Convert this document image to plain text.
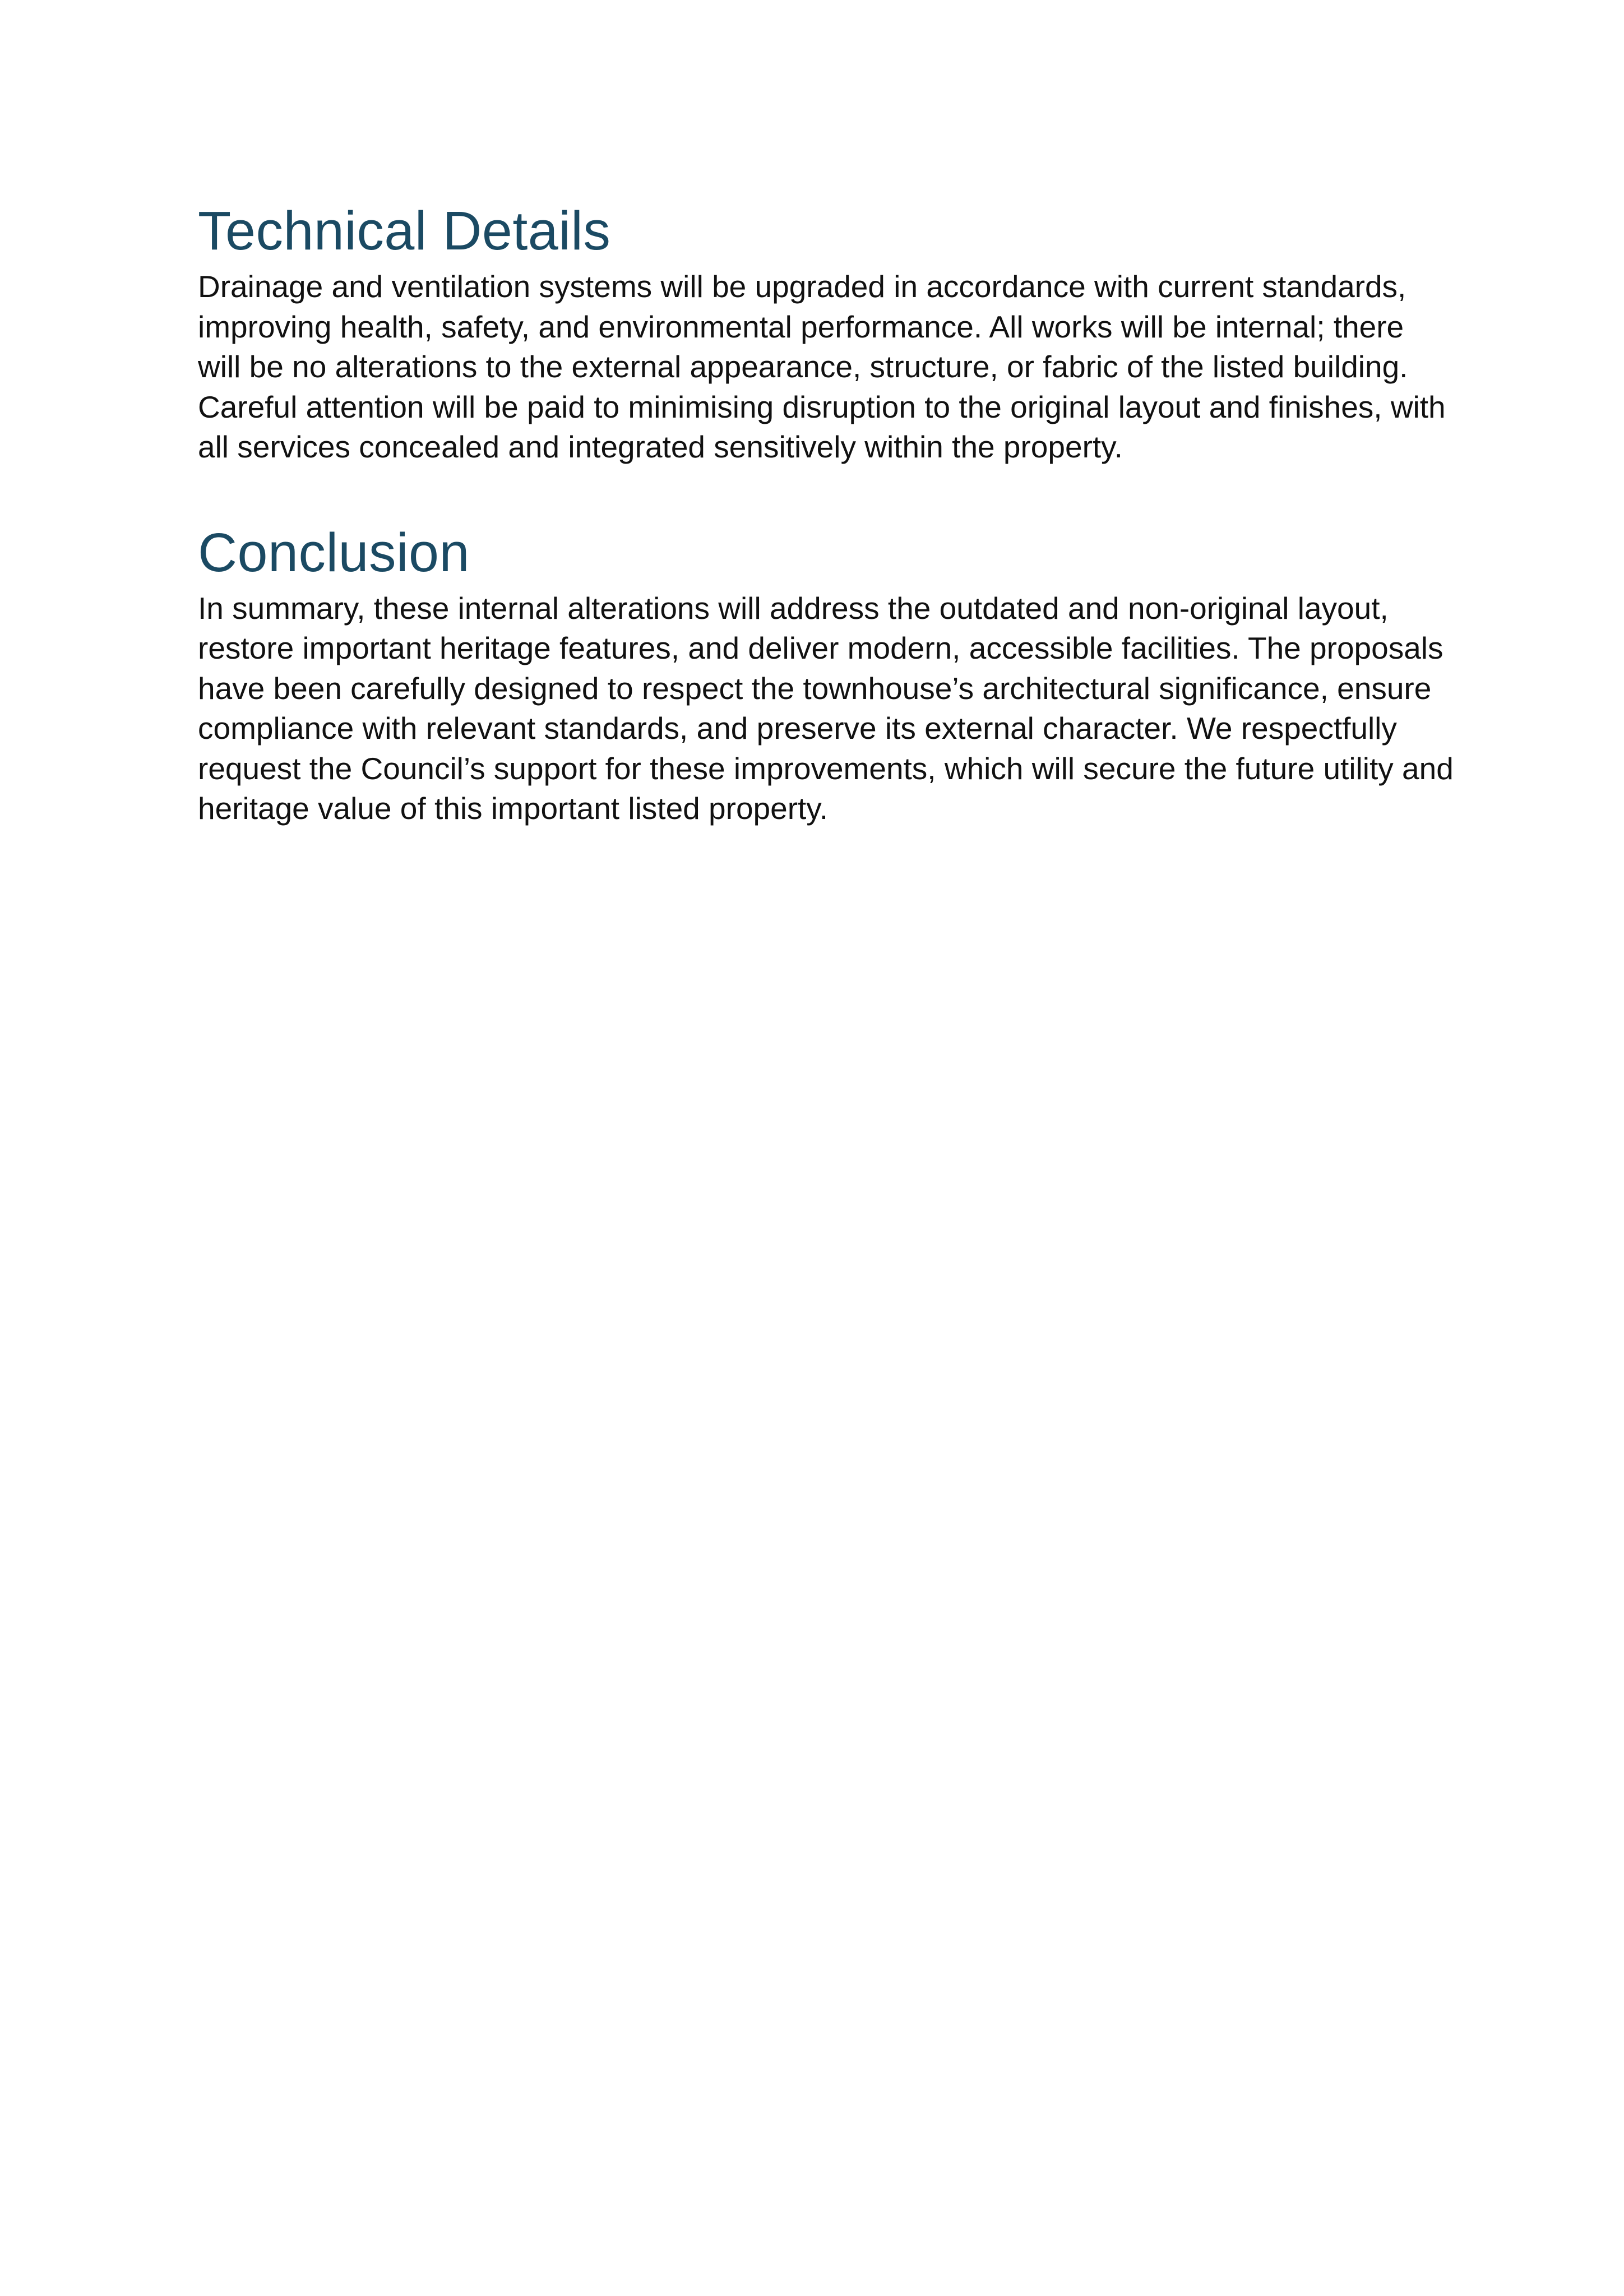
Technical Details

Drainage and ventilation systems will be upgraded in accordance with current standards, improving health, safety, and environmental performance. All works will be internal; there will be no alterations to the external appearance, structure, or fabric of the listed building. Careful attention will be paid to minimising disruption to the original layout and finishes, with all services concealed and integrated sensitively within the property.

Conclusion

In summary, these internal alterations will address the outdated and non-original layout, restore important heritage features, and deliver modern, accessible facilities. The proposals have been carefully designed to respect the townhouse’s architectural significance, ensure compliance with relevant standards, and preserve its external character. We respectfully request the Council’s support for these improvements, which will secure the future utility and heritage value of this important listed property.
